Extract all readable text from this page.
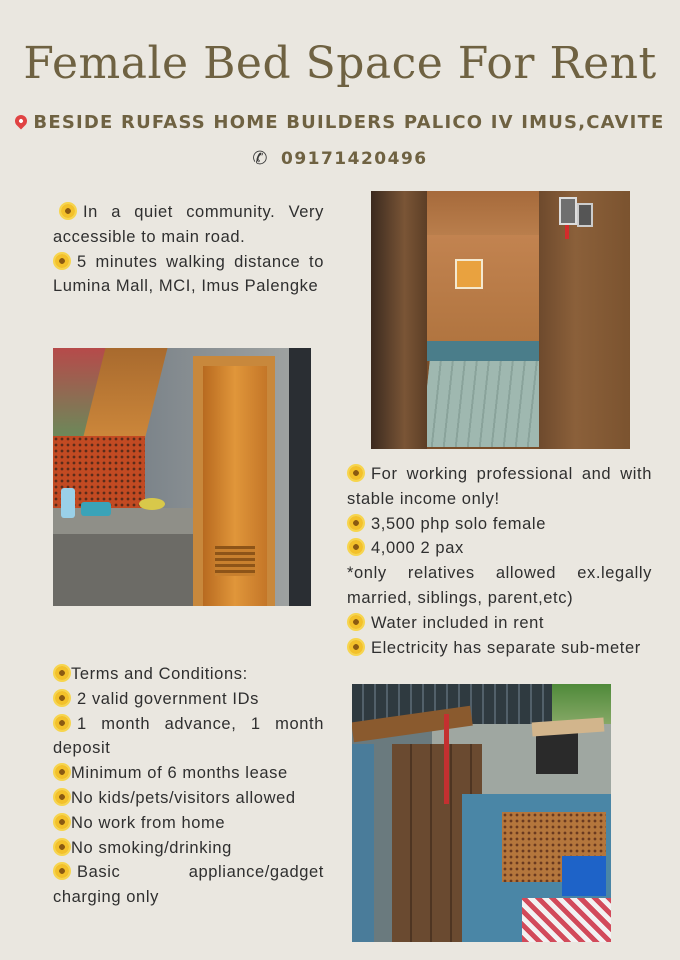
Female Bed Space For Rent
BESIDE RUFASS HOME BUILDERS PALICO IV IMUS,CAVITE
✆ 09171420496

In a quiet community. Very accessible to main road.

5 minutes walking distance to Lumina Mall, MCI, Imus Palengke

For working professional and with stable income only!

3,500 php solo female

4,000 2 pax

*only relatives allowed ex.legally married, siblings, parent,etc)

Water included in rent

Electricity has separate sub-meter

Terms and Conditions:

2 valid government IDs

1 month advance, 1 month deposit

Minimum of 6 months lease

No kids/pets/visitors allowed

No work from home

No smoking/drinking

Basic appliance/gadget charging only
